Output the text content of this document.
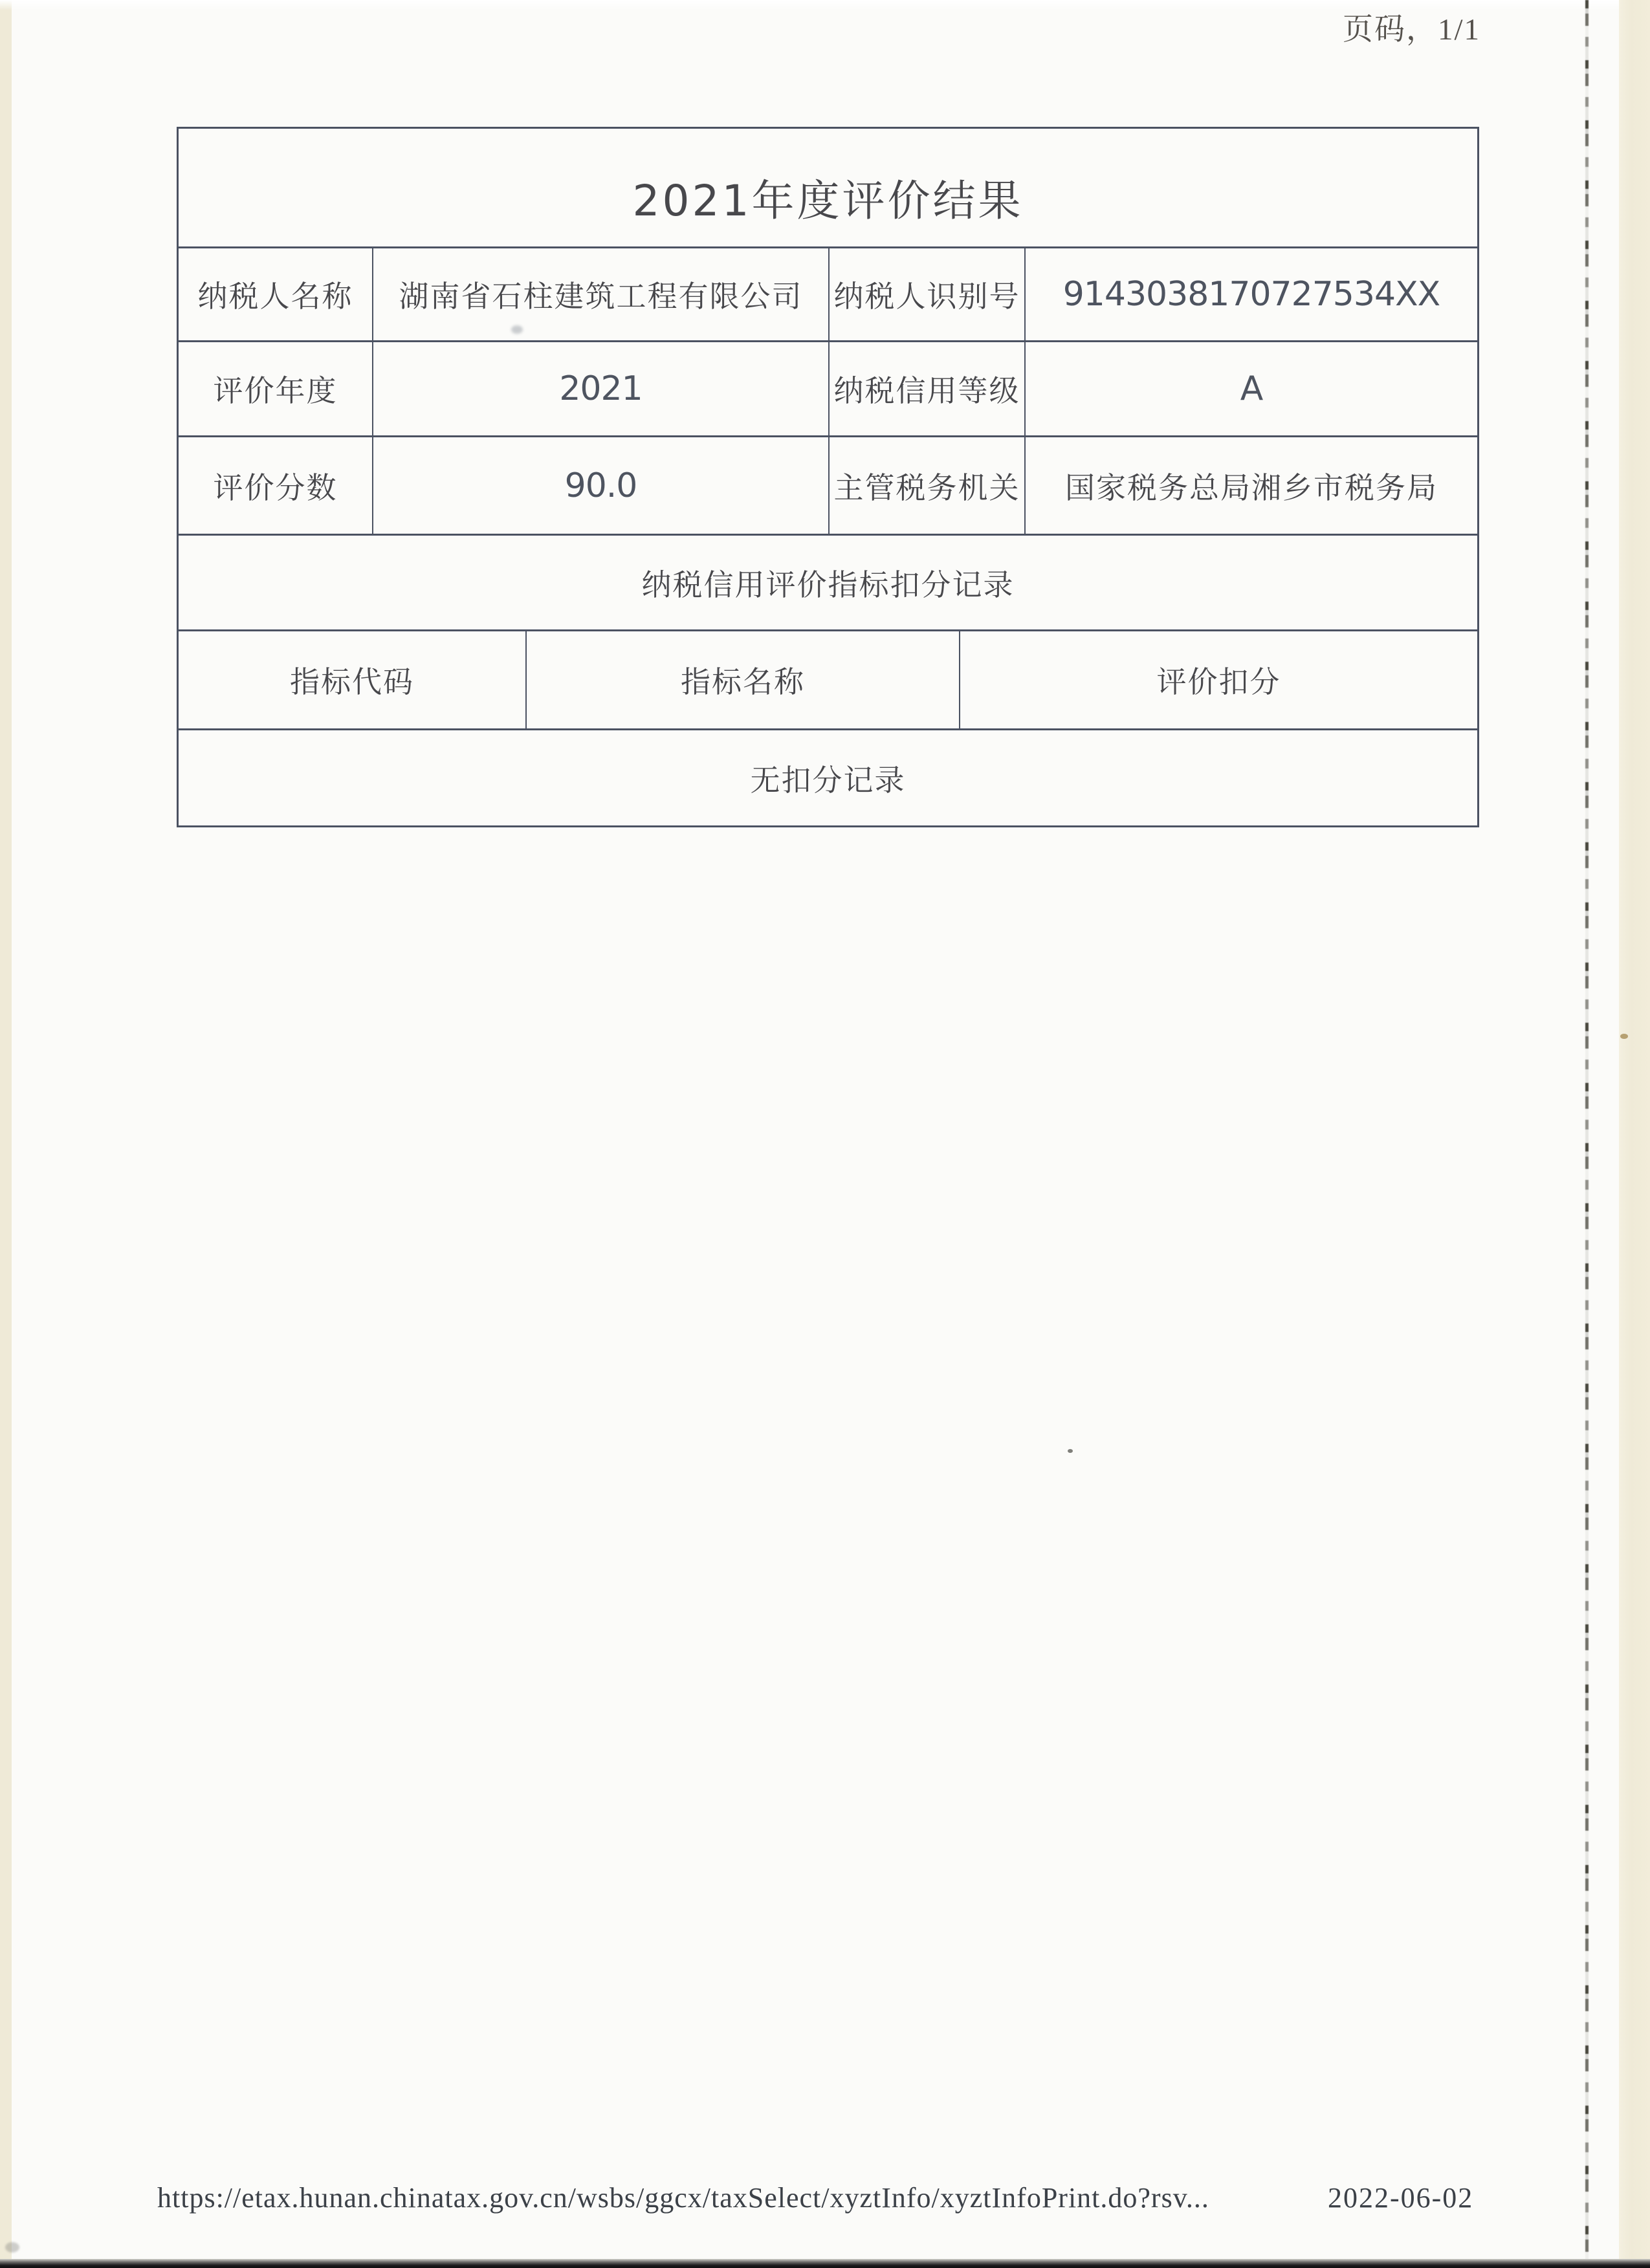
页码，1/1
2021年度评价结果
纳税人名称	湖南省石柱建筑工程有限公司	纳税人识别号	9143038170727534XX
评价年度	2021	纳税信用等级	A
评价分数	90.0	主管税务机关	国家税务总局湘乡市税务局
纳税信用评价指标扣分记录
指标代码	指标名称	评价扣分
无扣分记录
https://etax.hunan.chinatax.gov.cn/wsbs/ggcx/taxSelect/xyztInfo/xyztInfoPrint.do?rsv...	2022-06-02
